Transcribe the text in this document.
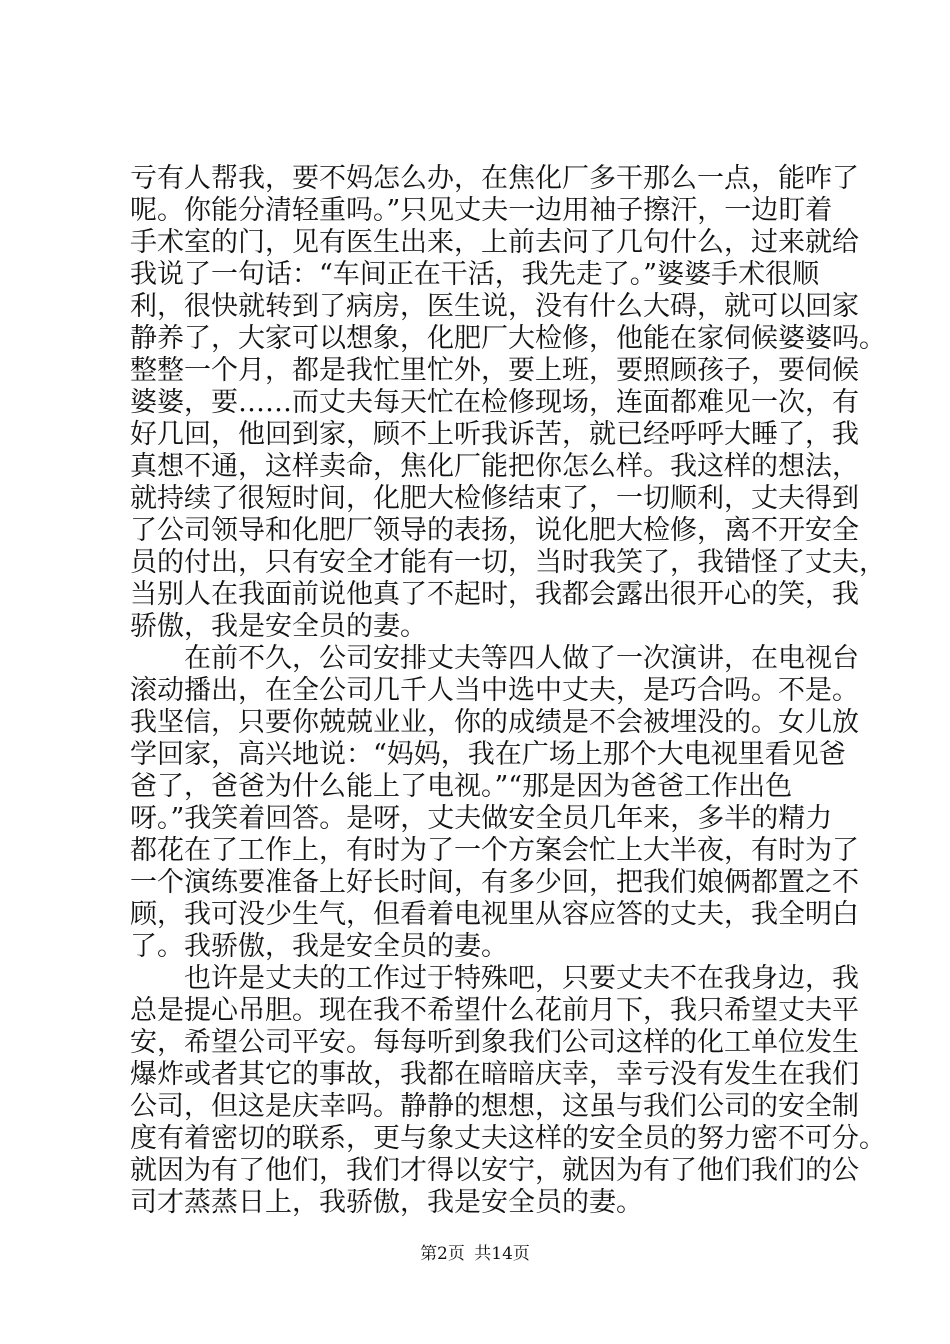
亏有人帮我，要不妈怎么办，在焦化厂多干那么一点，能咋了
呢。你能分清轻重吗。”只见丈夫一边用袖子擦汗，一边盯着
手术室的门，见有医生出来，上前去问了几句什么，过来就给
我说了一句话：“车间正在干活，我先走了。”婆婆手术很顺
利，很快就转到了病房，医生说，没有什么大碍，就可以回家
静养了，大家可以想象，化肥厂大检修，他能在家伺候婆婆吗。
整整一个月，都是我忙里忙外，要上班，要照顾孩子，要伺候
婆婆，要……而丈夫每天忙在检修现场，连面都难见一次，有
好几回，他回到家，顾不上听我诉苦，就已经呼呼大睡了，我
真想不通，这样卖命，焦化厂能把你怎么样。我这样的想法，
就持续了很短时间，化肥大检修结束了，一切顺利，丈夫得到
了公司领导和化肥厂领导的表扬，说化肥大检修，离不开安全
员的付出，只有安全才能有一切，当时我笑了，我错怪了丈夫，
当别人在我面前说他真了不起时，我都会露出很开心的笑，我
骄傲，我是安全员的妻。
在前不久，公司安排丈夫等四人做了一次演讲，在电视台
滚动播出，在全公司几千人当中选中丈夫，是巧合吗。不是。
我坚信，只要你兢兢业业，你的成绩是不会被埋没的。女儿放
学回家，高兴地说：“妈妈，我在广场上那个大电视里看见爸
爸了，爸爸为什么能上了电视。”“那是因为爸爸工作出色
呀。”我笑着回答。是呀，丈夫做安全员几年来，多半的精力
都花在了工作上，有时为了一个方案会忙上大半夜，有时为了
一个演练要准备上好长时间，有多少回，把我们娘俩都置之不
顾，我可没少生气，但看着电视里从容应答的丈夫，我全明白
了。我骄傲，我是安全员的妻。
也许是丈夫的工作过于特殊吧，只要丈夫不在我身边，我
总是提心吊胆。现在我不希望什么花前月下，我只希望丈夫平
安，希望公司平安。每每听到象我们公司这样的化工单位发生
爆炸或者其它的事故，我都在暗暗庆幸，幸亏没有发生在我们
公司，但这是庆幸吗。静静的想想，这虽与我们公司的安全制
度有着密切的联系，更与象丈夫这样的安全员的努力密不可分。
就因为有了他们，我们才得以安宁，就因为有了他们我们的公
司才蒸蒸日上，我骄傲，我是安全员的妻。
第2页 共14页
